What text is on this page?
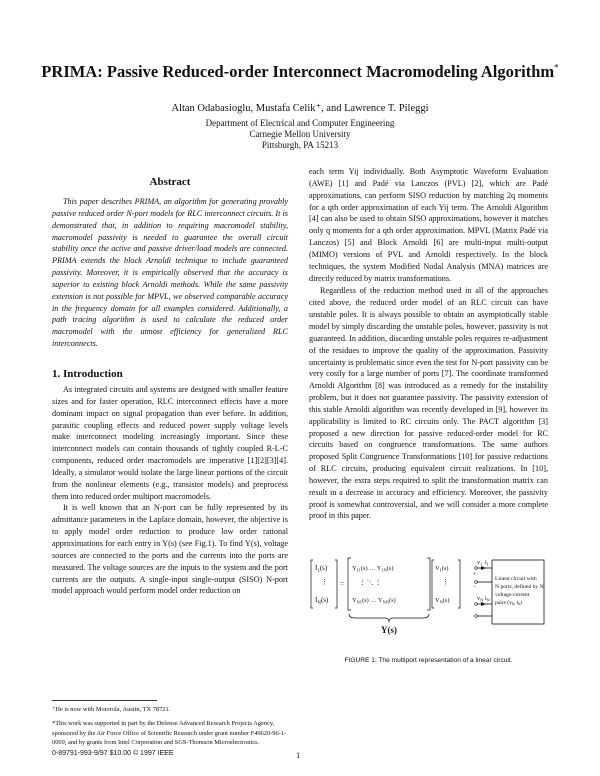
PRIMA: Passive Reduced-order Interconnect Macromodeling Algorithm*
Altan Odabasioglu, Mustafa Celik⁺, and Lawrence T. Pileggi
Department of Electrical and Computer Engineering
Carnegie Mellon University
Pittsburgh, PA 15213
Abstract

This paper describes PRIMA, an algorithm for generating provably passive reduced order N-port models for RLC interconnect circuits. It is demonstrated that, in addition to requiring macromodel stability, macromodel passivity is needed to guarantee the overall circuit stability once the active and passive driver/load models are connected. PRIMA extends the block Arnoldi technique to include guaranteed passivity. Moreover, it is empirically observed that the accuracy is superior to existing block Arnoldi methods. While the same passivity extension is not possible for MPVL, we observed comparable accuracy in the frequency domain for all examples considered. Additionally, a path tracing algorithm is used to calculate the reduced order macromodel with the utmost efficiency for generalized RLC interconnects.

1. Introduction

As integrated circuits and systems are designed with smaller feature sizes and for faster operation, RLC interconnect effects have a more dominant impact on signal propagation than ever before. In addition, parasitic coupling effects and reduced power supply voltage levels make interconnect modeling increasingly important. Since these interconnect models can contain thousands of tightly coupled R-L-C components, reduced order macromodels are imperative [1][2][3][4]. Ideally, a simulator would isolate the large linear portions of the circuit from the nonlinear elements (e.g., transistor models) and preprocess them into reduced order multiport macromodels.

It is well known that an N-port can be fully represented by its admittance parameters in the Laplace domain, however, the objective is to apply model order reduction to produce low order rational approximations for each entry in Y(s) (see Fig.1). To find Y(s), voltage sources are connected to the ports and the currents into the ports are measured. The voltage sources are the inputs to the system and the port currents are the outputs. A single-input single-output (SISO) N-port model approach would perform model order reduction on

⁺He is now with Motorola, Austin, TX 78721.

*This work was supported in part by the Defense Advanced Research Projects Agency, sponsored by the Air Force Office of Scientific Research under grant number F49620-96-1-0069, and by grants from Intel Corporation and SGS-Thomson Microelectronics.

each term Yij individually. Both Asymptotic Waveform Evaluation (AWE) [1] and Padé via Lanczos (PVL) [2], which are Padé approximations, can perform SISO reduction by matching 2q moments for a qth order approximation of each Yij term. The Arnoldi Algorithm [4] can also be used to obtain SISO approximations, however it matches only q moments for a qth order approximation. MPVL (Matrix Padé via Lanczos) [5] and Block Arnoldi [6] are multi-input multi-output (MIMO) versions of PVL and Arnoldi respectively. In the block techniques, the system Modified Nodal Analysis (MNA) matrices are directly reduced by matrix transformations.

Regardless of the reduction method used in all of the approaches cited above, the reduced order model of an RLC circuit can have unstable poles. It is always possible to obtain an asymptotically stable model by simply discarding the unstable poles, however, passivity is not guaranteed. In addition, discarding unstable poles requires re-adjustment of the residues to improve the quality of the approximation. Passivity uncertainty is problematic since even the test for N-port passivity can be very costly for a large number of ports [7]. The coordinate transformed Arnoldi Algorithm [8] was introduced as a remedy for the instability problem, but it does not guarantee passivity. The passivity extension of this stable Arnoldi algorithm was recently developed in [9], however its applicability is limited to RC circuits only. The PACT algorithm [3] proposed a new direction for passive reduced-order model for RC circuits based on congruence transformations. The same authors proposed Split Congruence Transformations [10] for passive reductions of RLC circuits, producing equivalent circuit realizations. In [10], however, the extra steps required to split the transformation matrix can result in a decrease in accuracy and efficiency. Moreover, the passivity proof is somewhat controversial, and we will consider a more complete proof in this paper.

$I_1(s)$
⋮
$I_N(s)$
=
$Y_{11}(s)$ … $Y_{1N}(s)$
⋮ ⋱ ⋮
$Y_{N1}(s)$ … $Y_{NN}(s)$
$V_1(s)$
⋮
$V_N(s)$
Y(s)
$v_1$ $i_1$
$v_N$ $i_N$
+
−
Linear circuit with
N ports, defined by N
voltage-current
pairs ($v_k$, $i_k$)
FIGURE 1: The multiport representation of a linear circuit.
0-89791-993-9/97 $10.00 © 1997 IEEE	1
